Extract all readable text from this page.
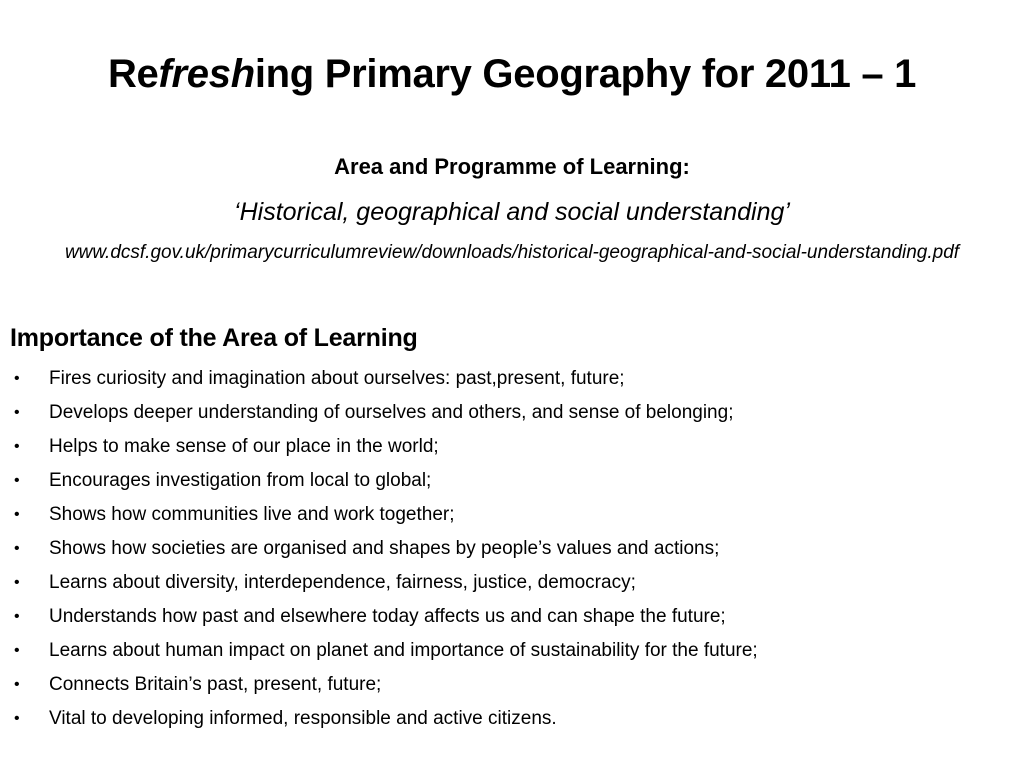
Refreshing Primary Geography for 2011 – 1
Area and Programme of Learning:
‘Historical, geographical and social understanding’
www.dcsf.gov.uk/primarycurriculumreview/downloads/historical-geographical-and-social-understanding.pdf
Importance of the Area of Learning
• Fires curiosity and imagination about ourselves: past,present, future;
• Develops deeper understanding of ourselves and others, and sense of belonging;
• Helps to make sense of our place in the world;
• Encourages investigation from local to global;
• Shows how communities live and work together;
• Shows how societies are organised and shapes by people’s values and actions;
• Learns about diversity, interdependence, fairness, justice, democracy;
• Understands how past and elsewhere today affects us and can shape the future;
• Learns about human impact on planet and importance of sustainability for the future;
• Connects Britain’s past, present, future;
• Vital to developing informed, responsible and active citizens.
